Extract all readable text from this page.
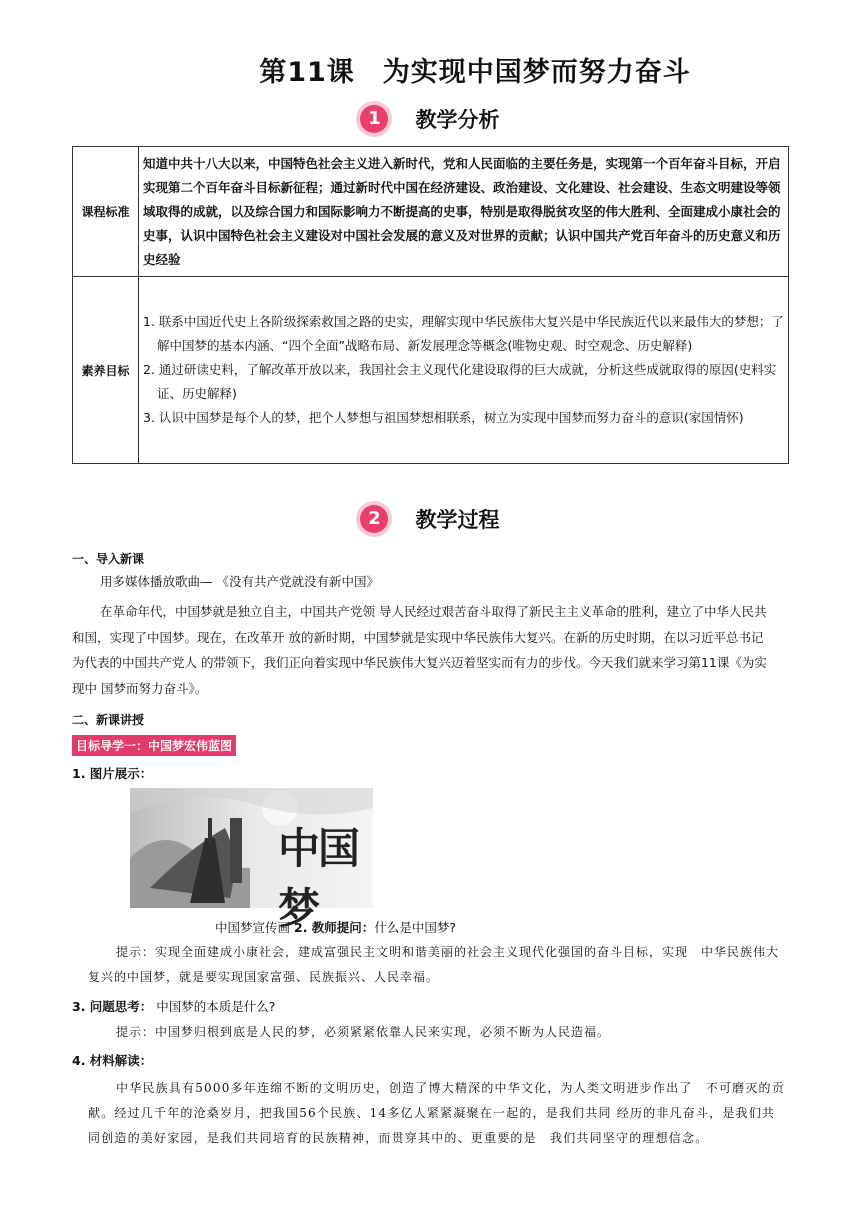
第11课　为实现中国梦而努力奋斗
1 教学分析
课程标准	知道中共十八大以来，中国特色社会主义进入新时代，党和人民面临的主要任务是，实现第一个百年奋斗目标，开启实现第二个百年奋斗目标新征程；通过新时代中国在经济建设、政治建设、文化建设、社会建设、生态文明建设等领域取得的成就，以及综合国力和国际影响力不断提高的史事，特别是取得脱贫攻坚的伟大胜利、全面建成小康社会的史事，认识中国特色社会主义建设对中国社会发展的意义及对世界的贡献；认识中国共产党百年奋斗的历史意义和历史经验
素养目标	1. 联系中国近代史上各阶级探索救国之路的史实，理解实现中华民族伟大复兴是中华民族近代以来最伟大的梦想；了解中国梦的基本内涵、“四个全面”战略布局、新发展理念等概念(唯物史观、时空观念、历史解释)
2. 通过研读史料，了解改革开放以来，我国社会主义现代化建设取得的巨大成就，分析这些成就取得的原因(史料实证、历史解释)
3. 认识中国梦是每个人的梦，把个人梦想与祖国梦想相联系，树立为实现中国梦而努力奋斗的意识(家国情怀)
2 教学过程
一、导入新课
用多媒体播放歌曲— 《没有共产党就没有新中国》
在革命年代，中国梦就是独立自主，中国共产党领 导人民经过艰苦奋斗取得了新民主主义革命的胜利，建立了中华人民共和国，实现了中国梦。现在，在改革开 放的新时期，中国梦就是实现中华民族伟大复兴。在新的历史时期，在以习近平总书记为代表的中国共产党人 的带领下，我们正向着实现中华民族伟大复兴迈着坚实而有力的步伐。今天我们就来学习第11课《为实现中 国梦而努力奋斗》。
二、新课讲授
目标导学一：中国梦宏伟蓝图
1. 图片展示：
中国梦
中国梦宣传画 2. 教师提问：什么是中国梦?
提示：实现全面建成小康社会，建成富强民主文明和谐美丽的社会主义现代化强国的奋斗目标，实现　中华民族伟大复兴的中国梦，就是要实现国家富强、民族振兴、人民幸福。
3. 问题思考： 中国梦的本质是什么?
提示：中国梦归根到底是人民的梦，必须紧紧依靠人民来实现，必须不断为人民造福。
4. 材料解读：
中华民族具有5000多年连绵不断的文明历史，创造了博大精深的中华文化，为人类文明进步作出了　不可磨灭的贡献。经过几千年的沧桑岁月，把我国56个民族、14多亿人紧紧凝聚在一起的，是我们共同 经历的非凡奋斗，是我们共同创造的美好家园，是我们共同培育的民族精神，而贯穿其中的、更重要的是　我们共同坚守的理想信念。
